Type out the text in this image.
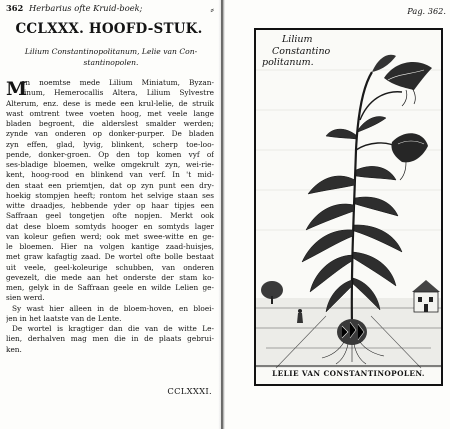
362 Herbarius ofte Kruid-boek;	⸗
CCLXXX. HOOFD-STUK.
Lilium Constantinopolitanum, Lelie van Con-
stantinopolen.
M

en noemtse mede Lilium Miniatum, Byzan-

tinum, Hemerocallis Altera, Lilium Sylvestre

Alterum, enz. dese is mede een krul-lelie, de struik

wast omtrent twee voeten hoog, met veele lange

bladen begroent, die alderslest smalder werden;

zynde van onderen op donker-purper. De bladen

zyn effen, glad, lyvig, blinkent, scherp toe-loo-

pende, donker-groen. Op den top komen vyf of

ses-bladige bloemen, welke omgekrult zyn, wei-rie-

kent, hoog-rood en blinkend van verf. In 't mid-

den staat een priemtjen, dat op zyn punt een dry-

hoekig stompjen heeft; rontom het selvige staan ses

witte draadjes, hebbende yder op haar tipjes een

Saffraan geel tongetjen ofte nopjen. Merkt ook

dat dese bloem somtyds hooger en somtyds lager

van koleur gefien werd; ook met swee-witte en ge-

le bloemen. Hier na volgen kantige zaad-huisjes,

met graw kafagtig zaad. De wortel ofte bolle bestaat

uit veele, geel-koleurige schubben, van onderen

gevezelt, die mede aan het onderste der stam ko-

men, gelyk in de Saffraan geele en wilde Lelien ge-

sien werd.

Sy wast hier alleen in de bloem-hoven, en bloei-

jen in het laatste van de Lente.

De wortel is kragtiger dan die van de witte Le-

lien, derhalven mag men die in de plaats gebrui-

ken.

CCLXXXI.
Pag. 362.
Lilium
Constantino
politanum.
LELIE VAN CONSTANTINOPOLEN.
